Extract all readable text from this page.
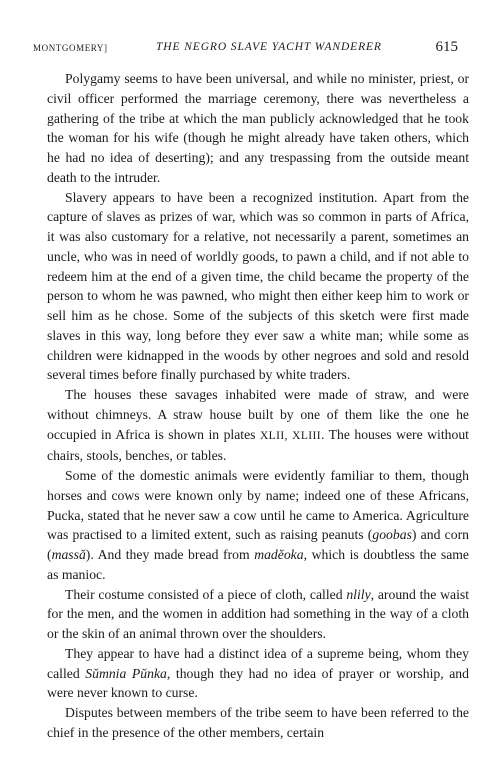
MONTGOMERY]	THE NEGRO SLAVE YACHT WANDERER	615

Polygamy seems to have been universal, and while no minister, priest, or civil officer performed the marriage ceremony, there was nevertheless a gathering of the tribe at which the man publicly acknowledged that he took the woman for his wife (though he might already have taken others, which he had no idea of deserting); and any trespassing from the outside meant death to the intruder.

Slavery appears to have been a recognized institution. Apart from the capture of slaves as prizes of war, which was so common in parts of Africa, it was also customary for a relative, not necessarily a parent, sometimes an uncle, who was in need of worldly goods, to pawn a child, and if not able to redeem him at the end of a given time, the child became the property of the person to whom he was pawned, who might then either keep him to work or sell him as he chose. Some of the subjects of this sketch were first made slaves in this way, long before they ever saw a white man; while some as children were kidnapped in the woods by other negroes and sold and resold several times before finally purchased by white traders.

The houses these savages inhabited were made of straw, and were without chimneys. A straw house built by one of them like the one he occupied in Africa is shown in plates XLII, XLIII. The houses were without chairs, stools, benches, or tables.

Some of the domestic animals were evidently familiar to them, though horses and cows were known only by name; indeed one of these Africans, Pucka, stated that he never saw a cow until he came to America. Agriculture was practised to a limited extent, such as raising peanuts (goobas) and corn (massă). And they made bread from madĕoka, which is doubtless the same as manioc.

Their costume consisted of a piece of cloth, called nlily, around the waist for the men, and the women in addition had something in the way of a cloth or the skin of an animal thrown over the shoulders.

They appear to have had a distinct idea of a supreme being, whom they called Sŭmnia Pŭnka, though they had no idea of prayer or worship, and were never known to curse.

Disputes between members of the tribe seem to have been referred to the chief in the presence of the other members, certain
